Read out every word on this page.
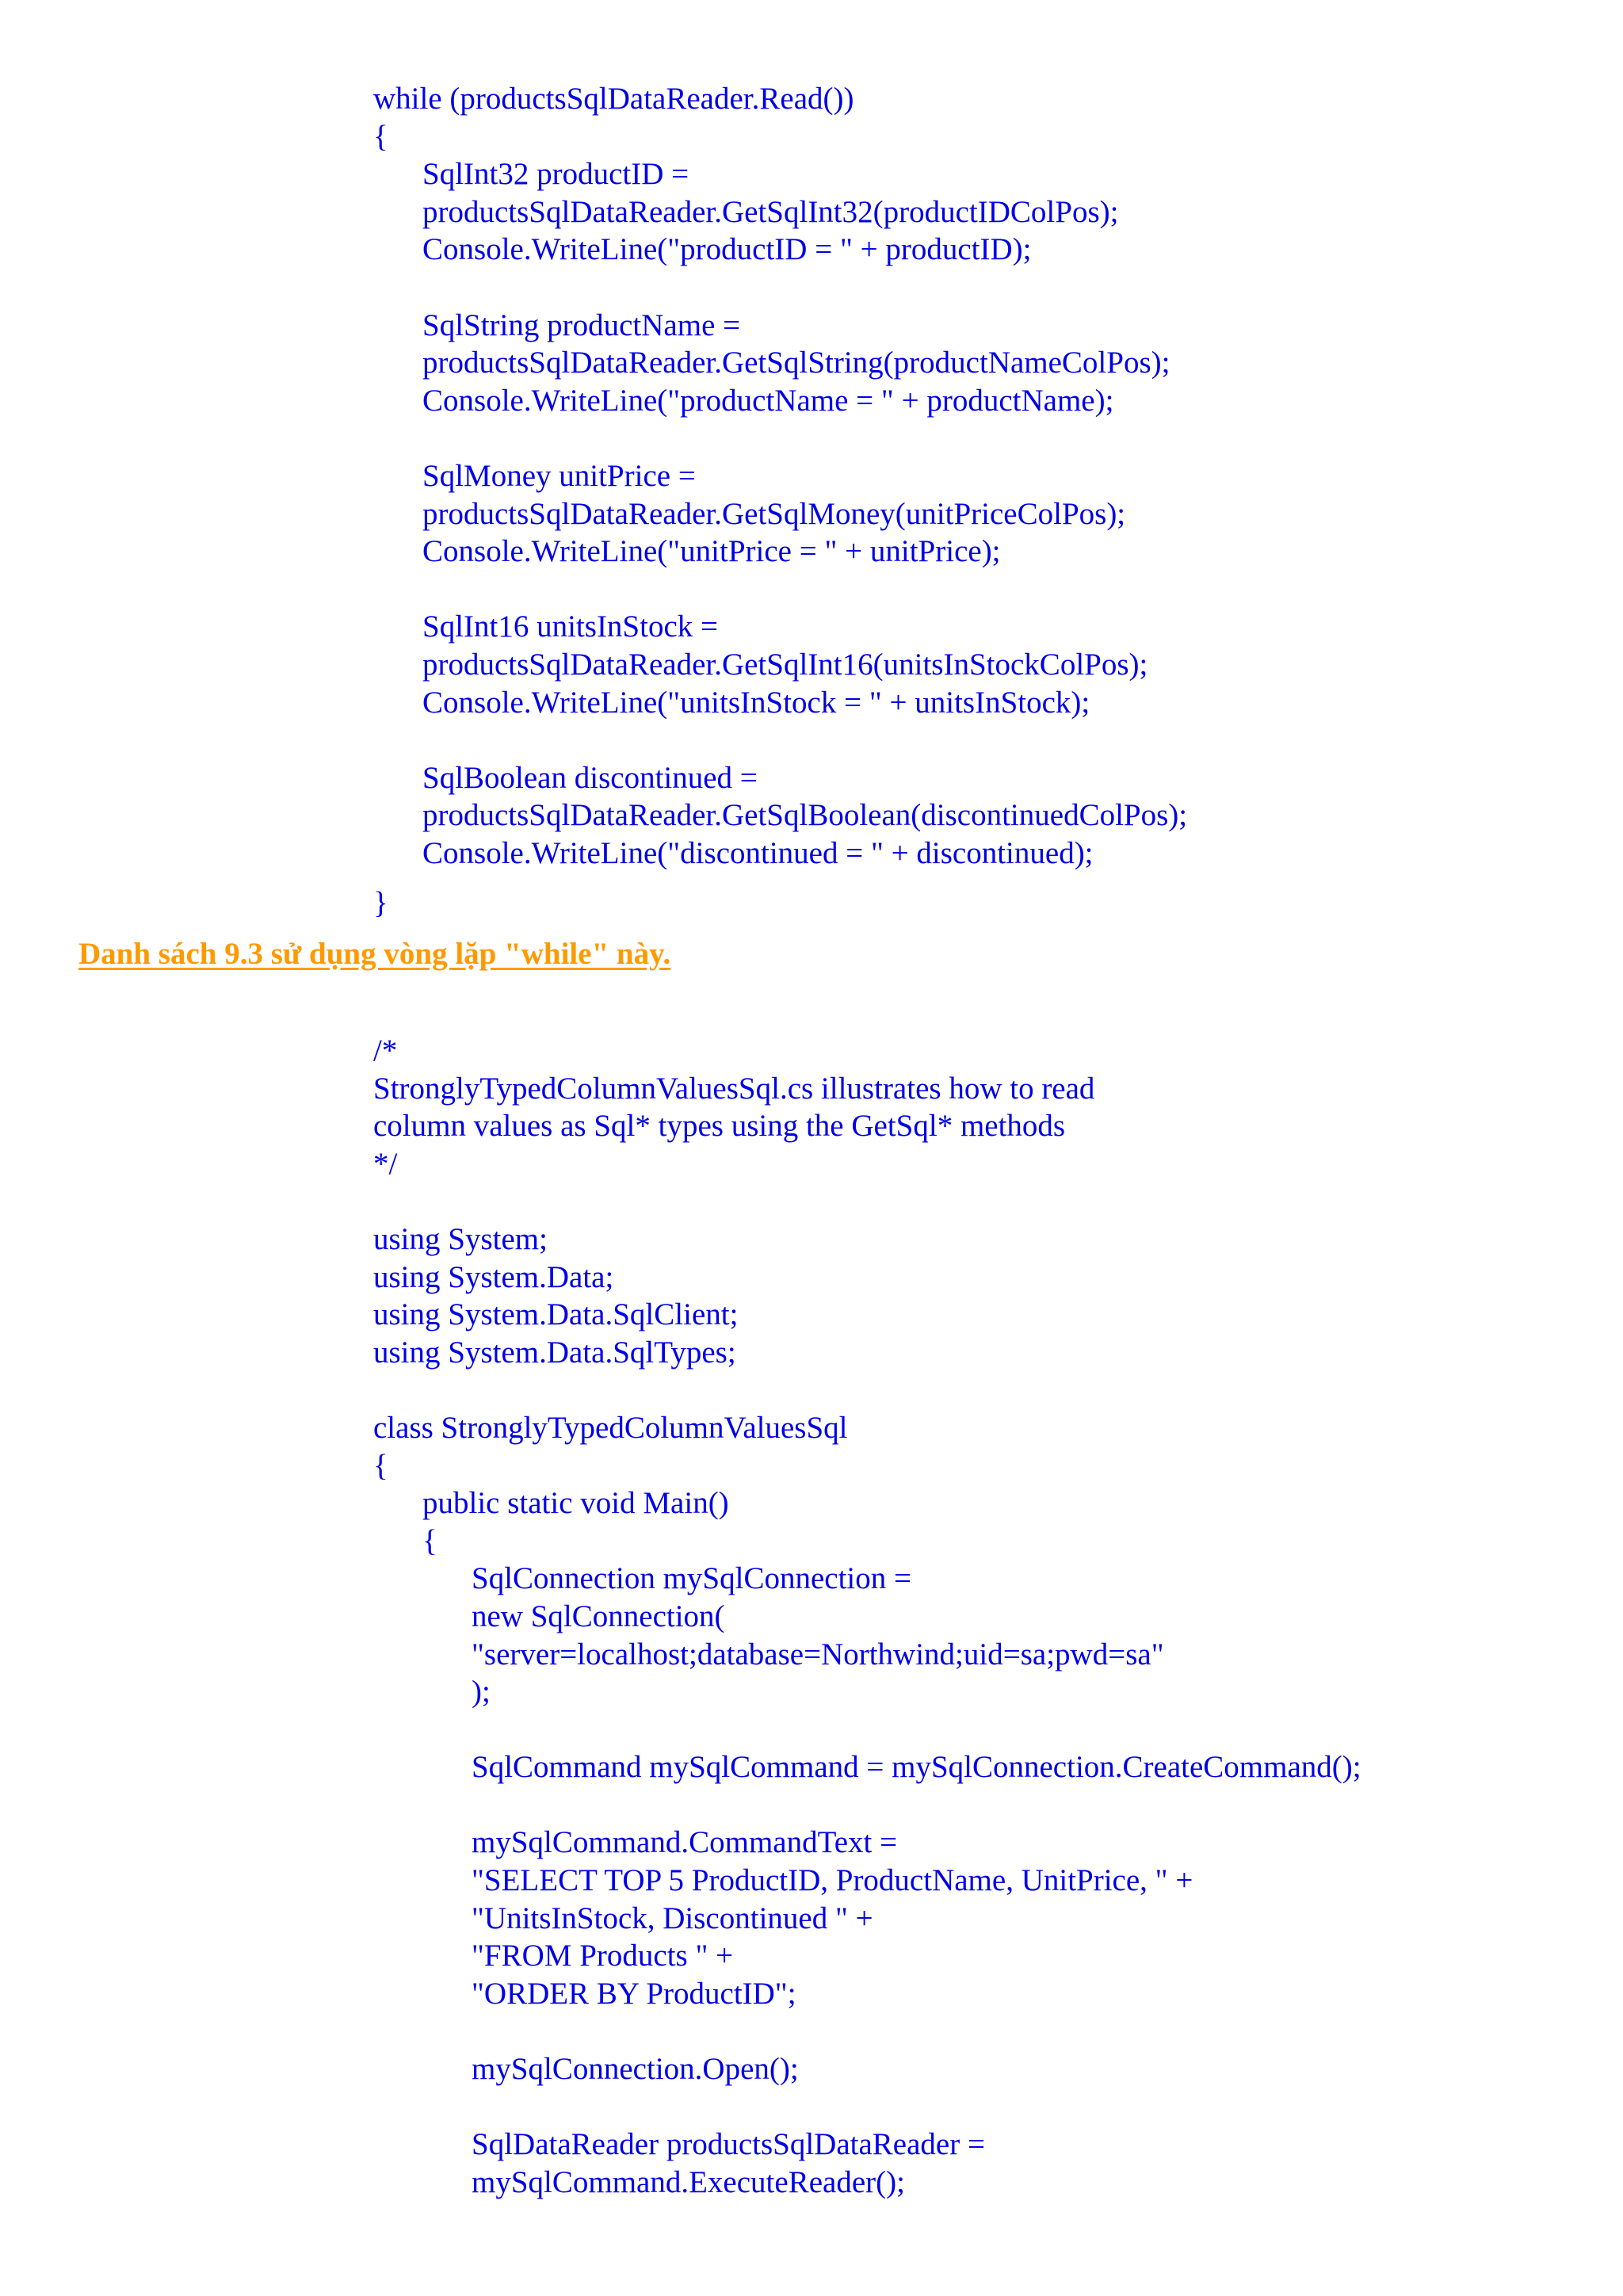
while (productsSqlDataReader.Read())
{
SqlInt32 productID =
productsSqlDataReader.GetSqlInt32(productIDColPos);
Console.WriteLine("productID = " + productID);
SqlString productName =
productsSqlDataReader.GetSqlString(productNameColPos);
Console.WriteLine("productName = " + productName);
SqlMoney unitPrice =
productsSqlDataReader.GetSqlMoney(unitPriceColPos);
Console.WriteLine("unitPrice = " + unitPrice);
SqlInt16 unitsInStock =
productsSqlDataReader.GetSqlInt16(unitsInStockColPos);
Console.WriteLine("unitsInStock = " + unitsInStock);
SqlBoolean discontinued =
productsSqlDataReader.GetSqlBoolean(discontinuedColPos);
Console.WriteLine("discontinued = " + discontinued);
}
Danh sách 9.3 sử dụng vòng lặp "while" này.
/*
StronglyTypedColumnValuesSql.cs illustrates how to read
column values as Sql* types using the GetSql* methods
*/
using System;
using System.Data;
using System.Data.SqlClient;
using System.Data.SqlTypes;
class StronglyTypedColumnValuesSql
{
public static void Main()
{
SqlConnection mySqlConnection =
new SqlConnection(
"server=localhost;database=Northwind;uid=sa;pwd=sa"
);
SqlCommand mySqlCommand = mySqlConnection.CreateCommand();
mySqlCommand.CommandText =
"SELECT TOP 5 ProductID, ProductName, UnitPrice, " +
"UnitsInStock, Discontinued " +
"FROM Products " +
"ORDER BY ProductID";
mySqlConnection.Open();
SqlDataReader productsSqlDataReader =
mySqlCommand.ExecuteReader();
